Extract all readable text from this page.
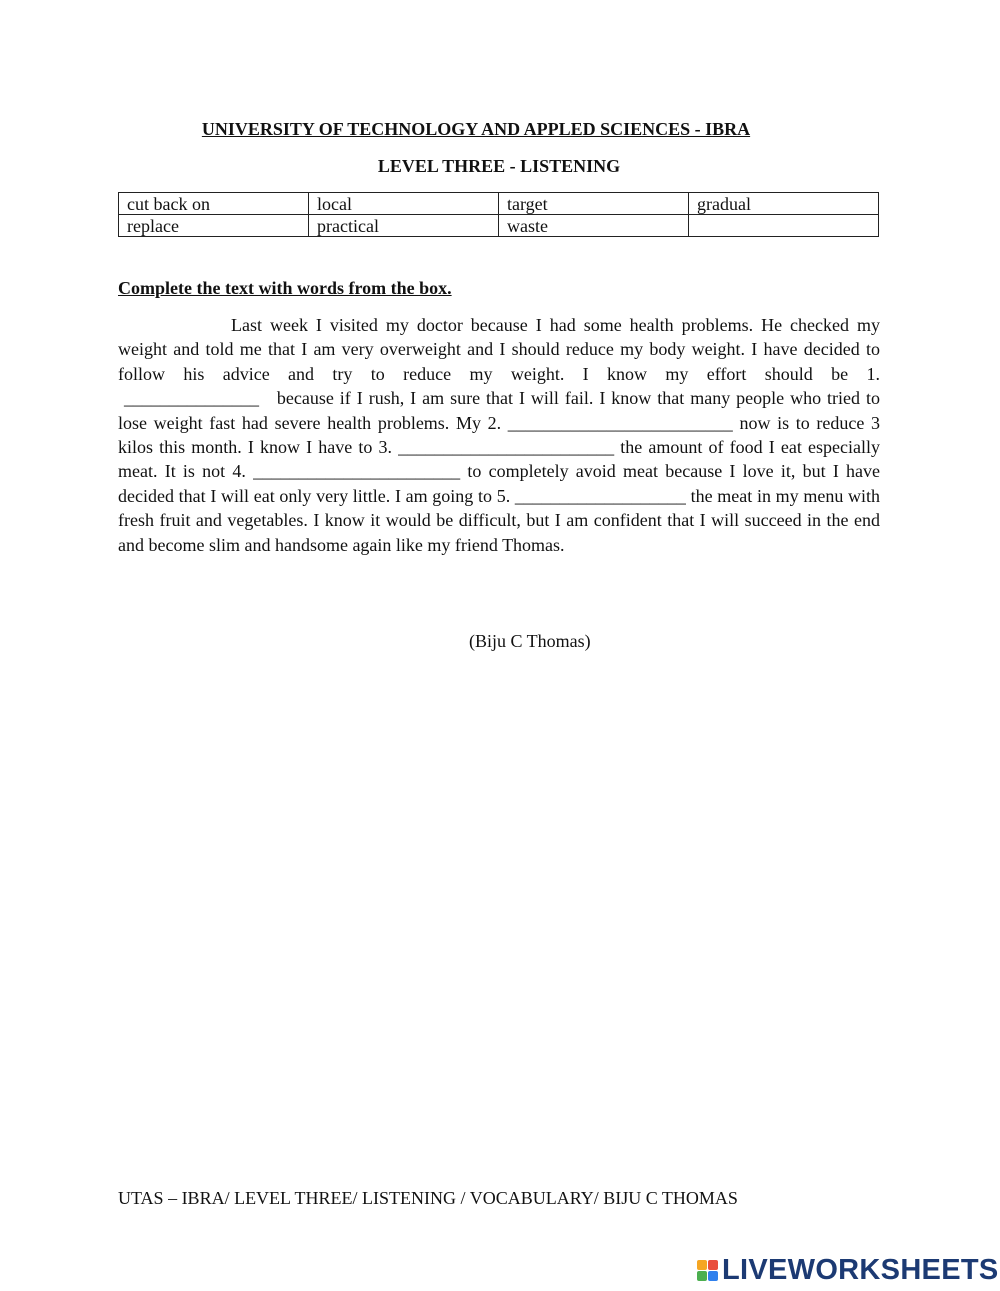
UNIVERSITY OF TECHNOLOGY AND APPLED SCIENCES - IBRA
LEVEL THREE - LISTENING
cut back on	local	target	gradual
replace	practical	waste	
Complete the text with words from the box.

Last week I visited my doctor because I had some health problems. He checked my weight and told me that I am very overweight and I should reduce my body weight. I have decided to follow his advice and try to reduce my weight. I know my effort should be 1. _______________   because if I rush, I am sure that I will fail. I know that many people who tried to lose weight fast had severe health problems. My 2. _________________________ now is to reduce 3 kilos this month. I know I have to 3. ________________________ the amount of food I eat especially meat. It is not 4. _______________________ to completely avoid meat because I love it, but I have decided that I will eat only very little. I am going to 5. ___________________ the meat in my menu with fresh fruit and vegetables. I know it would be difficult, but I am confident that I will succeed in the end and become slim and handsome again like my friend Thomas.

(Biju C Thomas)
UTAS – IBRA/ LEVEL THREE/ LISTENING / VOCABULARY/ BIJU C THOMAS
LIVEWORKSHEETS
